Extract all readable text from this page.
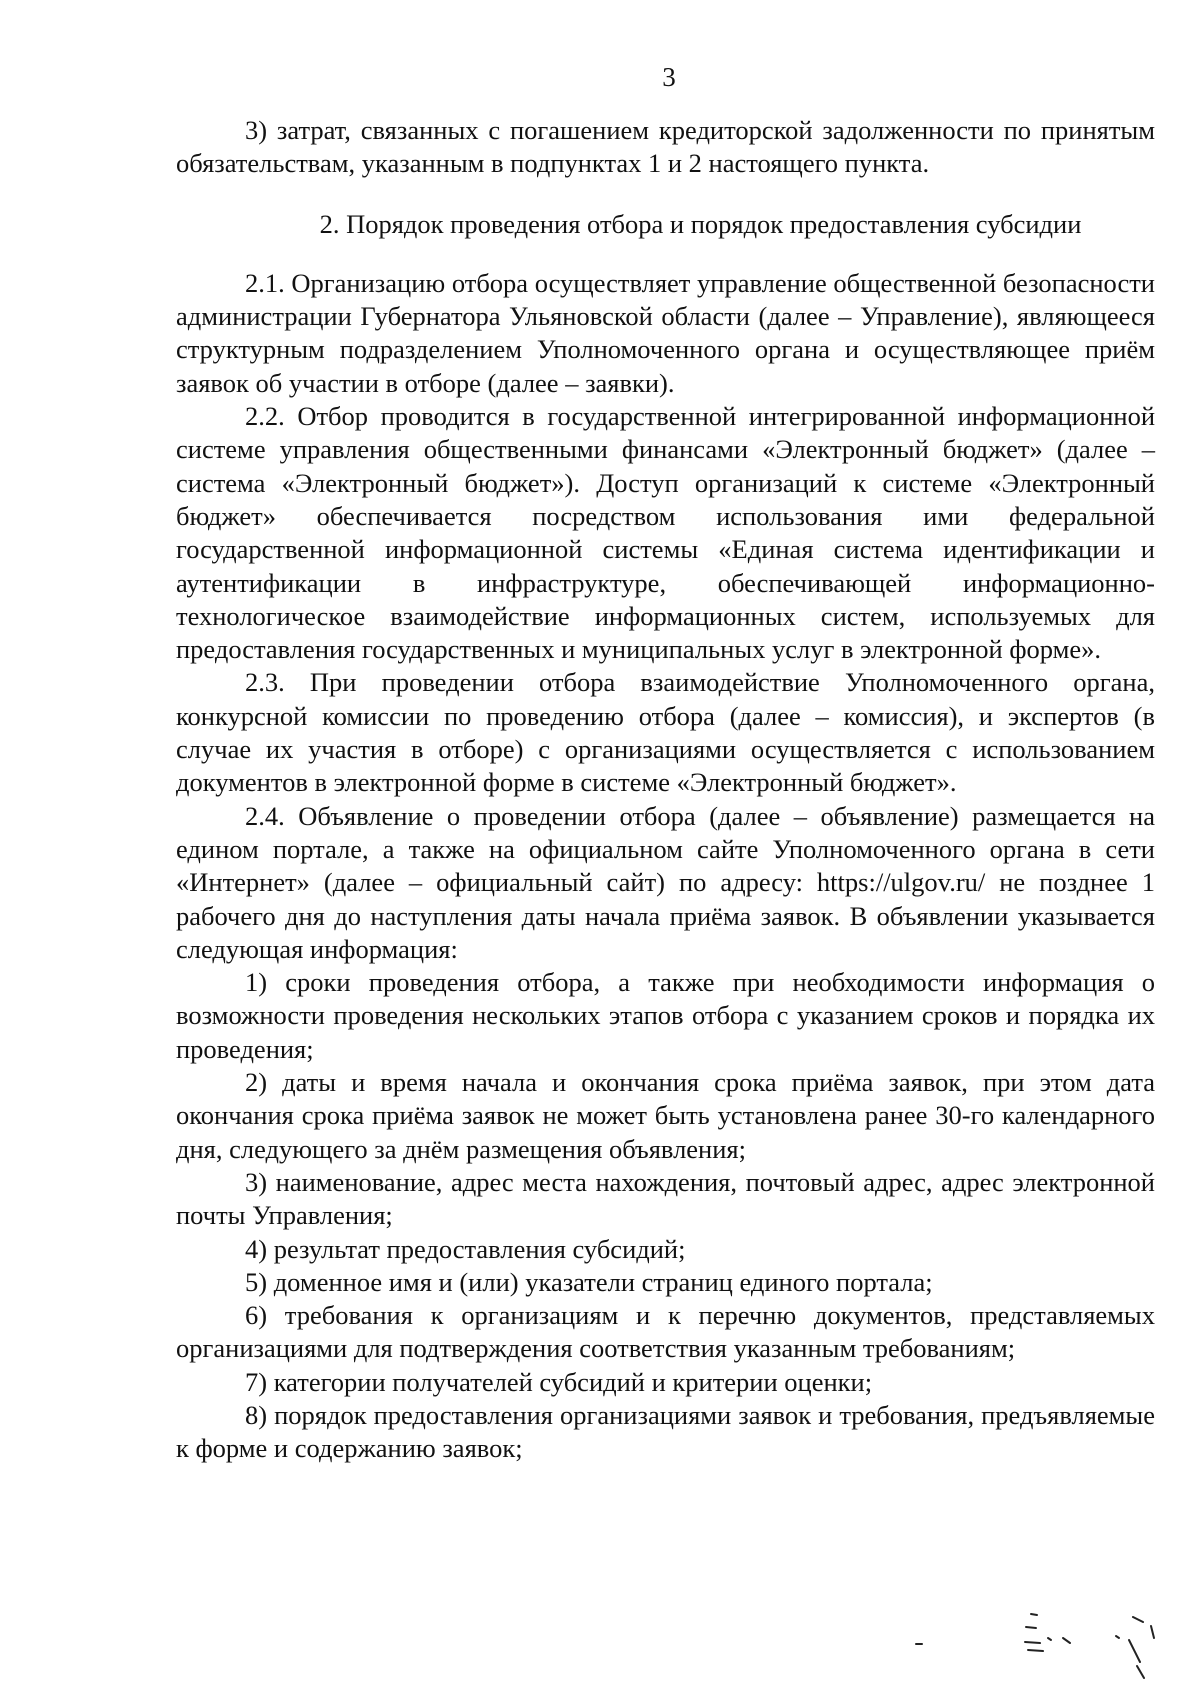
3

3) затрат, связанных с погашением кредиторской задолженности по принятым обязательствам, указанным в подпунктах 1 и 2 настоящего пункта.

2. Порядок проведения отбора и порядок предоставления субсидии

2.1. Организацию отбора осуществляет управление общественной безопасности администрации Губернатора Ульяновской области (далее – Управление), являющееся структурным подразделением Уполномоченного органа и осуществляющее приём заявок об участии в отборе (далее – заявки).

2.2. Отбор проводится в государственной интегрированной информационной системе управления общественными финансами «Электронный бюджет» (далее – система «Электронный бюджет»). Доступ организаций к системе «Электронный бюджет» обеспечивается посредством использования ими федеральной государственной информационной системы «Единая система идентификации и аутентификации в инфраструктуре, обеспечивающей информационно-технологическое взаимодействие информационных систем, используемых для предоставления государственных и муниципальных услуг в электронной форме».

2.3. При проведении отбора взаимодействие Уполномоченного органа, конкурсной комиссии по проведению отбора (далее – комиссия), и экспертов (в случае их участия в отборе) с организациями осуществляется с использованием документов в электронной форме в системе «Электронный бюджет».

2.4. Объявление о проведении отбора (далее – объявление) размещается на едином портале, а также на официальном сайте Уполномоченного органа в сети «Интернет» (далее – официальный сайт) по адресу: https://ulgov.ru/ не позднее 1 рабочего дня до наступления даты начала приёма заявок. В объявлении указывается следующая информация:

1) сроки проведения отбора, а также при необходимости информация о возможности проведения нескольких этапов отбора с указанием сроков и порядка их проведения;

2) даты и время начала и окончания срока приёма заявок, при этом дата окончания срока приёма заявок не может быть установлена ранее 30-го календарного дня, следующего за днём размещения объявления;

3) наименование, адрес места нахождения, почтовый адрес, адрес электронной почты Управления;

4) результат предоставления субсидий;

5) доменное имя и (или) указатели страниц единого портала;

6) требования к организациям и к перечню документов, представляемых организациями для подтверждения соответствия указанным требованиям;

7) категории получателей субсидий и критерии оценки;

8) порядок предоставления организациями заявок и требования, предъявляемые к форме и содержанию заявок;
